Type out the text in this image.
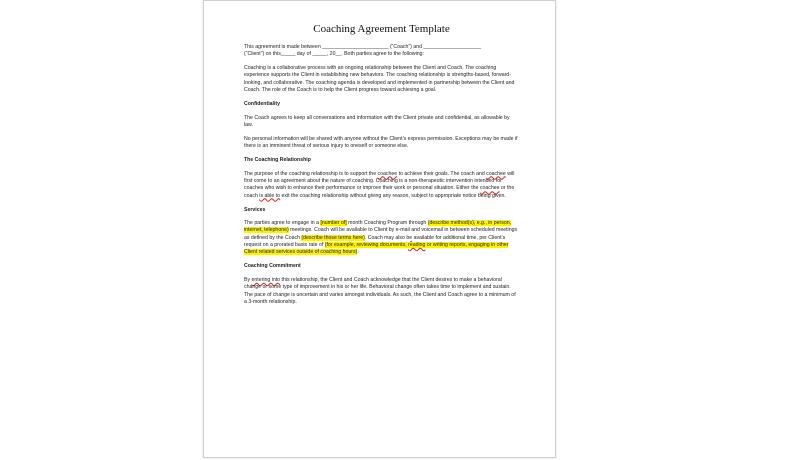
Coaching Agreement Template

This agreement is made between _______________________ (“Coach”) and ____________________
(“Client”) on this_____ day of _____, 20__. Both parties agree to the following:

Coaching is a collaborative process with an ongoing relationship between the Client and Coach. The coaching experience supports the Client in establishing new behaviors. The coaching relationship is strengths-based, forward-looking, and collaborative. The coaching agenda is developed and implemented in partnership between the Client and Coach. The role of the Coach is to help the Client progress toward achieving a goal.

Confidentiality

The Coach agrees to keep all conversations and information with the Client private and confidential, as allowable by law.

No personal information will be shared with anyone without the Client’s express permission. Exceptions may be made if there is an imminent threat of serious injury to oneself or someone else.

The Coaching Relationship

The purpose of the coaching relationship is to support the coachee to achieve their goals. The coach and coachee will first come to an agreement about the nature of coaching. Coaching is a non-therapeutic intervention intended for coaches who wish to enhance their performance or improve their work or personal situation. Either the coachee or the coach is able to exit the coaching relationship without giving any reason, subject to appropriate notice being given.

Services

The parties agree to engage in a [number of] month Coaching Program through (describe method(s), e.g., in person, internet, telephone) meetings. Coach will be available to Client by e-mail and voicemail in between scheduled meetings as defined by the Coach (describe those terms here). Coach may also be available for additional time, per Client’s request on a prorated basis rate of (for example, reviewing documents, reading or writing reports, engaging in other Client related services outside of coaching hours).

Coaching Commitment

By entering into this relationship, the Client and Coach acknowledge that the Client desires to make a behavioral change or some type of improvement in his or her life. Behavioral change often takes time to implement and sustain. The pace of change is uncertain and varies amongst individuals. As such, the Client and Coach agree to a minimum of a 3-month relationship.
